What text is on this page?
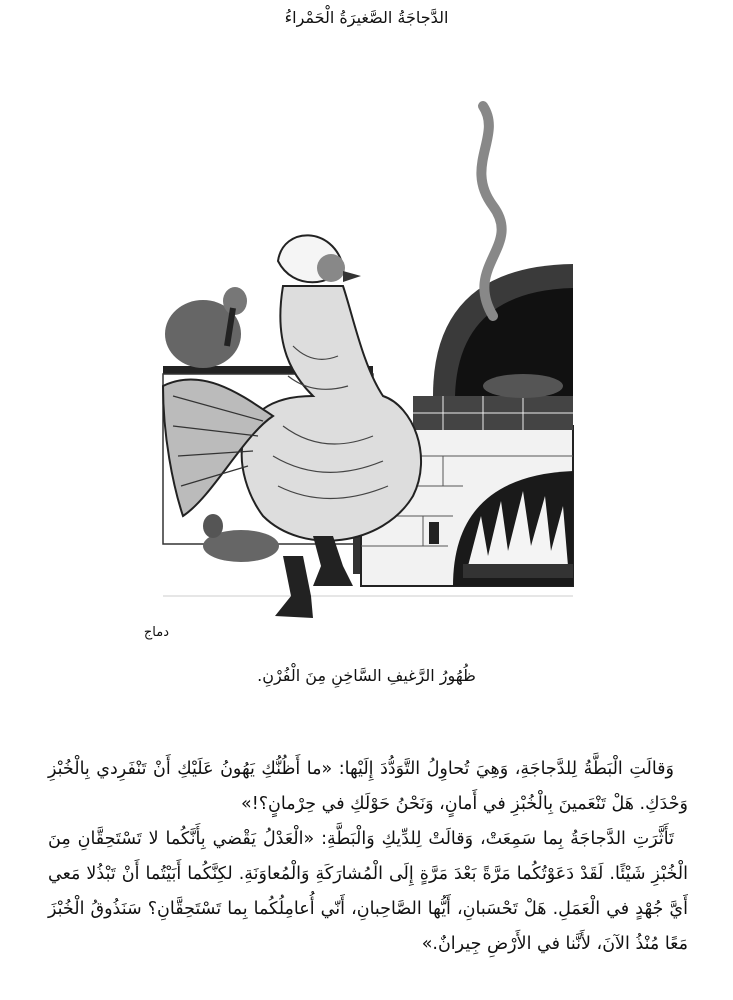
الدَّجاجَةُ الصَّغيرَةُ الْحَمْراءُ
دماج
ظُهُورُ الرَّغيفِ السَّاخِنِ مِنَ الْفُرْنِ.

وَقالَتِ الْبَطَّةُ لِلدَّجاجَةِ، وَهِيَ تُحاوِلُ التَّوَدُّدَ إِلَيْها: «ما أَظُنُّكِ يَهُونُ عَلَيْكِ أَنْ تَنْفَرِدي بِالْخُبْزِ وَحْدَكِ. هَلْ تَنْعَمينَ بِالْخُبْزِ في أَمانٍ، وَنَحْنُ حَوْلَكِ في حِرْمانٍ؟!»

تَأَثَّرَتِ الدَّجاجَةُ بِما سَمِعَتْ، وَقالَتْ لِلدِّيكِ وَالْبَطَّةِ: «الْعَدْلُ يَقْضي بِأَنَّكُما لا تَسْتَحِقَّانِ مِنَ الْخُبْزِ شَيْئًا. لَقَدْ دَعَوْتُكُما مَرَّةً بَعْدَ مَرَّةٍ إِلَى الْمُشارَكَةِ وَالْمُعاوَنَةِ. لكِنَّكُما أَبَيْتُما أَنْ تَبْذُلا مَعي أَيَّ جُهْدٍ في الْعَمَلِ. هَلْ تَحْسَبانِ، أَيُّها الصَّاحِبانِ، أَنّي أُعامِلُكُما بِما تَسْتَحِقَّانِ؟ سَنَذُوقُ الْخُبْزَ مَعًا مُنْذُ الآنَ، لأَنَّنا في الأَرْضِ جِيرانٌ.»
